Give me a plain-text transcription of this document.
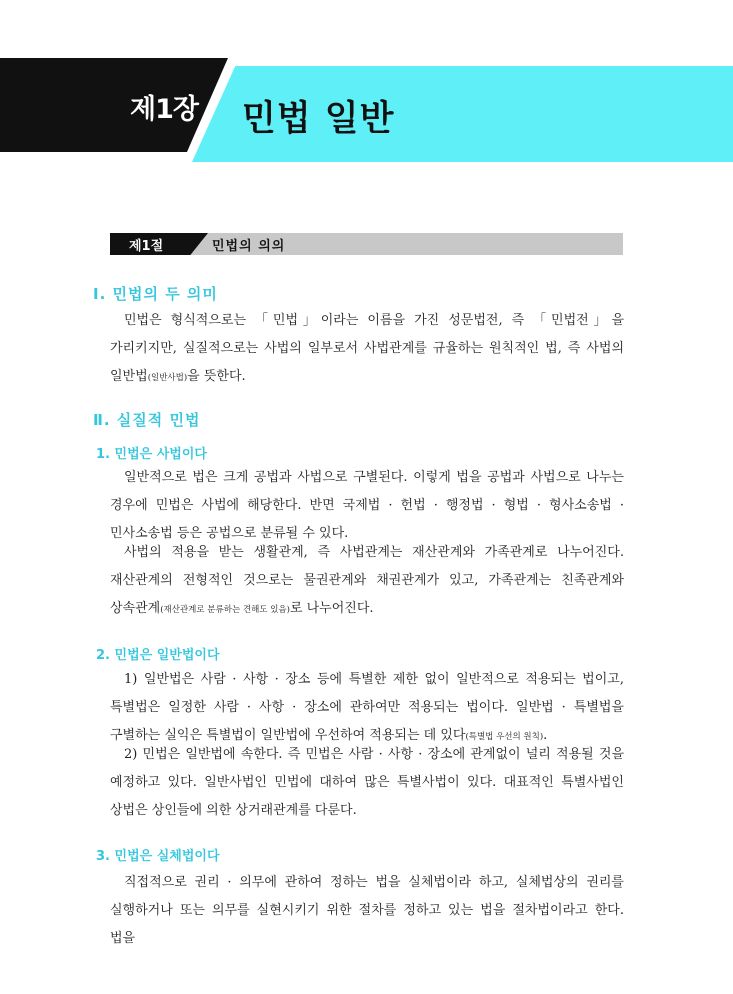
제1장 민법 일반
제1절	민법의 의의
Ⅰ. 민법의 두 의미
민법은 형식적으로는 「민법」이라는 이름을 가진 성문법전, 즉 「민법전」을 가리키지만, 실질적으로는 사법의 일부로서 사법관계를 규율하는 원칙적인 법, 즉 사법의 일반법(일반사법)을 뜻한다.
Ⅱ. 실질적 민법
1. 민법은 사법이다
일반적으로 법은 크게 공법과 사법으로 구별된다. 이렇게 법을 공법과 사법으로 나누는 경우에 민법은 사법에 해당한다. 반면 국제법 · 헌법 · 행정법 · 형법 · 형사소송법 · 민사소송법 등은 공법으로 분류될 수 있다.
사법의 적용을 받는 생활관계, 즉 사법관계는 재산관계와 가족관계로 나누어진다. 재산관계의 전형적인 것으로는 물권관계와 채권관계가 있고, 가족관계는 친족관계와 상속관계(재산관계로 분류하는 견해도 있음)로 나누어진다.
2. 민법은 일반법이다
1) 일반법은 사람 · 사항 · 장소 등에 특별한 제한 없이 일반적으로 적용되는 법이고, 특별법은 일정한 사람 · 사항 · 장소에 관하여만 적용되는 법이다. 일반법 · 특별법을 구별하는 실익은 특별법이 일반법에 우선하여 적용되는 데 있다(특별법 우선의 원칙).
2) 민법은 일반법에 속한다. 즉 민법은 사람 · 사항 · 장소에 관계없이 널리 적용될 것을 예정하고 있다. 일반사법인 민법에 대하여 많은 특별사법이 있다. 대표적인 특별사법인 상법은 상인들에 의한 상거래관계를 다룬다.
3. 민법은 실체법이다
직접적으로 권리 · 의무에 관하여 정하는 법을 실체법이라 하고, 실체법상의 권리를 실행하거나 또는 의무를 실현시키기 위한 절차를 정하고 있는 법을 절차법이라고 한다. 법을
